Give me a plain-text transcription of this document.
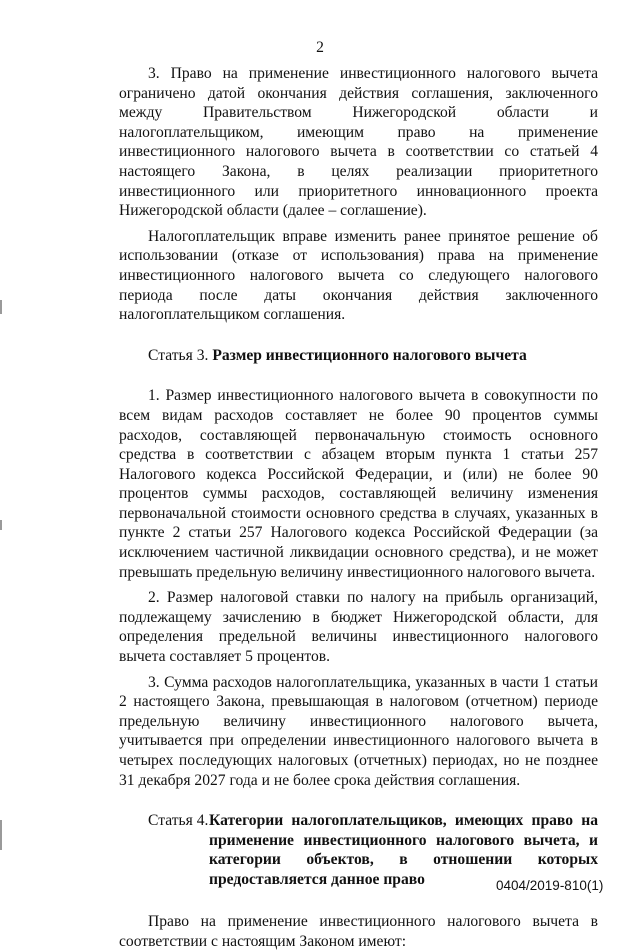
2

3. Право на применение инвестиционного налогового вычета ограничено датой окончания действия соглашения, заключенного между Правительством Нижегородской области и налогоплательщиком, имеющим право на применение инвестиционного налогового вычета в соответствии со статьей 4 настоящего Закона, в целях реализации приоритетного инвестиционного или приоритетного инновационного проекта Нижегородской области (далее – соглашение).

Налогоплательщик вправе изменить ранее принятое решение об использовании (отказе от использования) права на применение инвестиционного налогового вычета со следующего налогового периода после даты окончания действия заключенного налогоплательщиком соглашения.

Статья 3. Размер инвестиционного налогового вычета

1. Размер инвестиционного налогового вычета в совокупности по всем видам расходов составляет не более 90 процентов суммы расходов, составляющей первоначальную стоимость основного средства в соответствии с абзацем вторым пункта 1 статьи 257 Налогового кодекса Российской Федерации, и (или) не более 90 процентов суммы расходов, составляющей величину изменения первоначальной стоимости основного средства в случаях, указанных в пункте 2 статьи 257 Налогового кодекса Российской Федерации (за исключением частичной ликвидации основного средства), и не может превышать предельную величину инвестиционного налогового вычета.

2. Размер налоговой ставки по налогу на прибыль организаций, подлежащему зачислению в бюджет Нижегородской области, для определения предельной величины инвестиционного налогового вычета составляет 5 процентов.

3. Сумма расходов налогоплательщика, указанных в части 1 статьи 2 настоящего Закона, превышающая в налоговом (отчетном) периоде предельную величину инвестиционного налогового вычета, учитывается при определении инвестиционного налогового вычета в четырех последующих налоговых (отчетных) периодах, но не позднее 31 декабря 2027 года и не более срока действия соглашения.

Статья 4. Категории налогоплательщиков, имеющих право на применение инвестиционного налогового вычета, и категории объектов, в отношении которых предоставляется данное право

Право на применение инвестиционного налогового вычета в соответствии с настоящим Законом имеют:

0404/2019-810(1)
